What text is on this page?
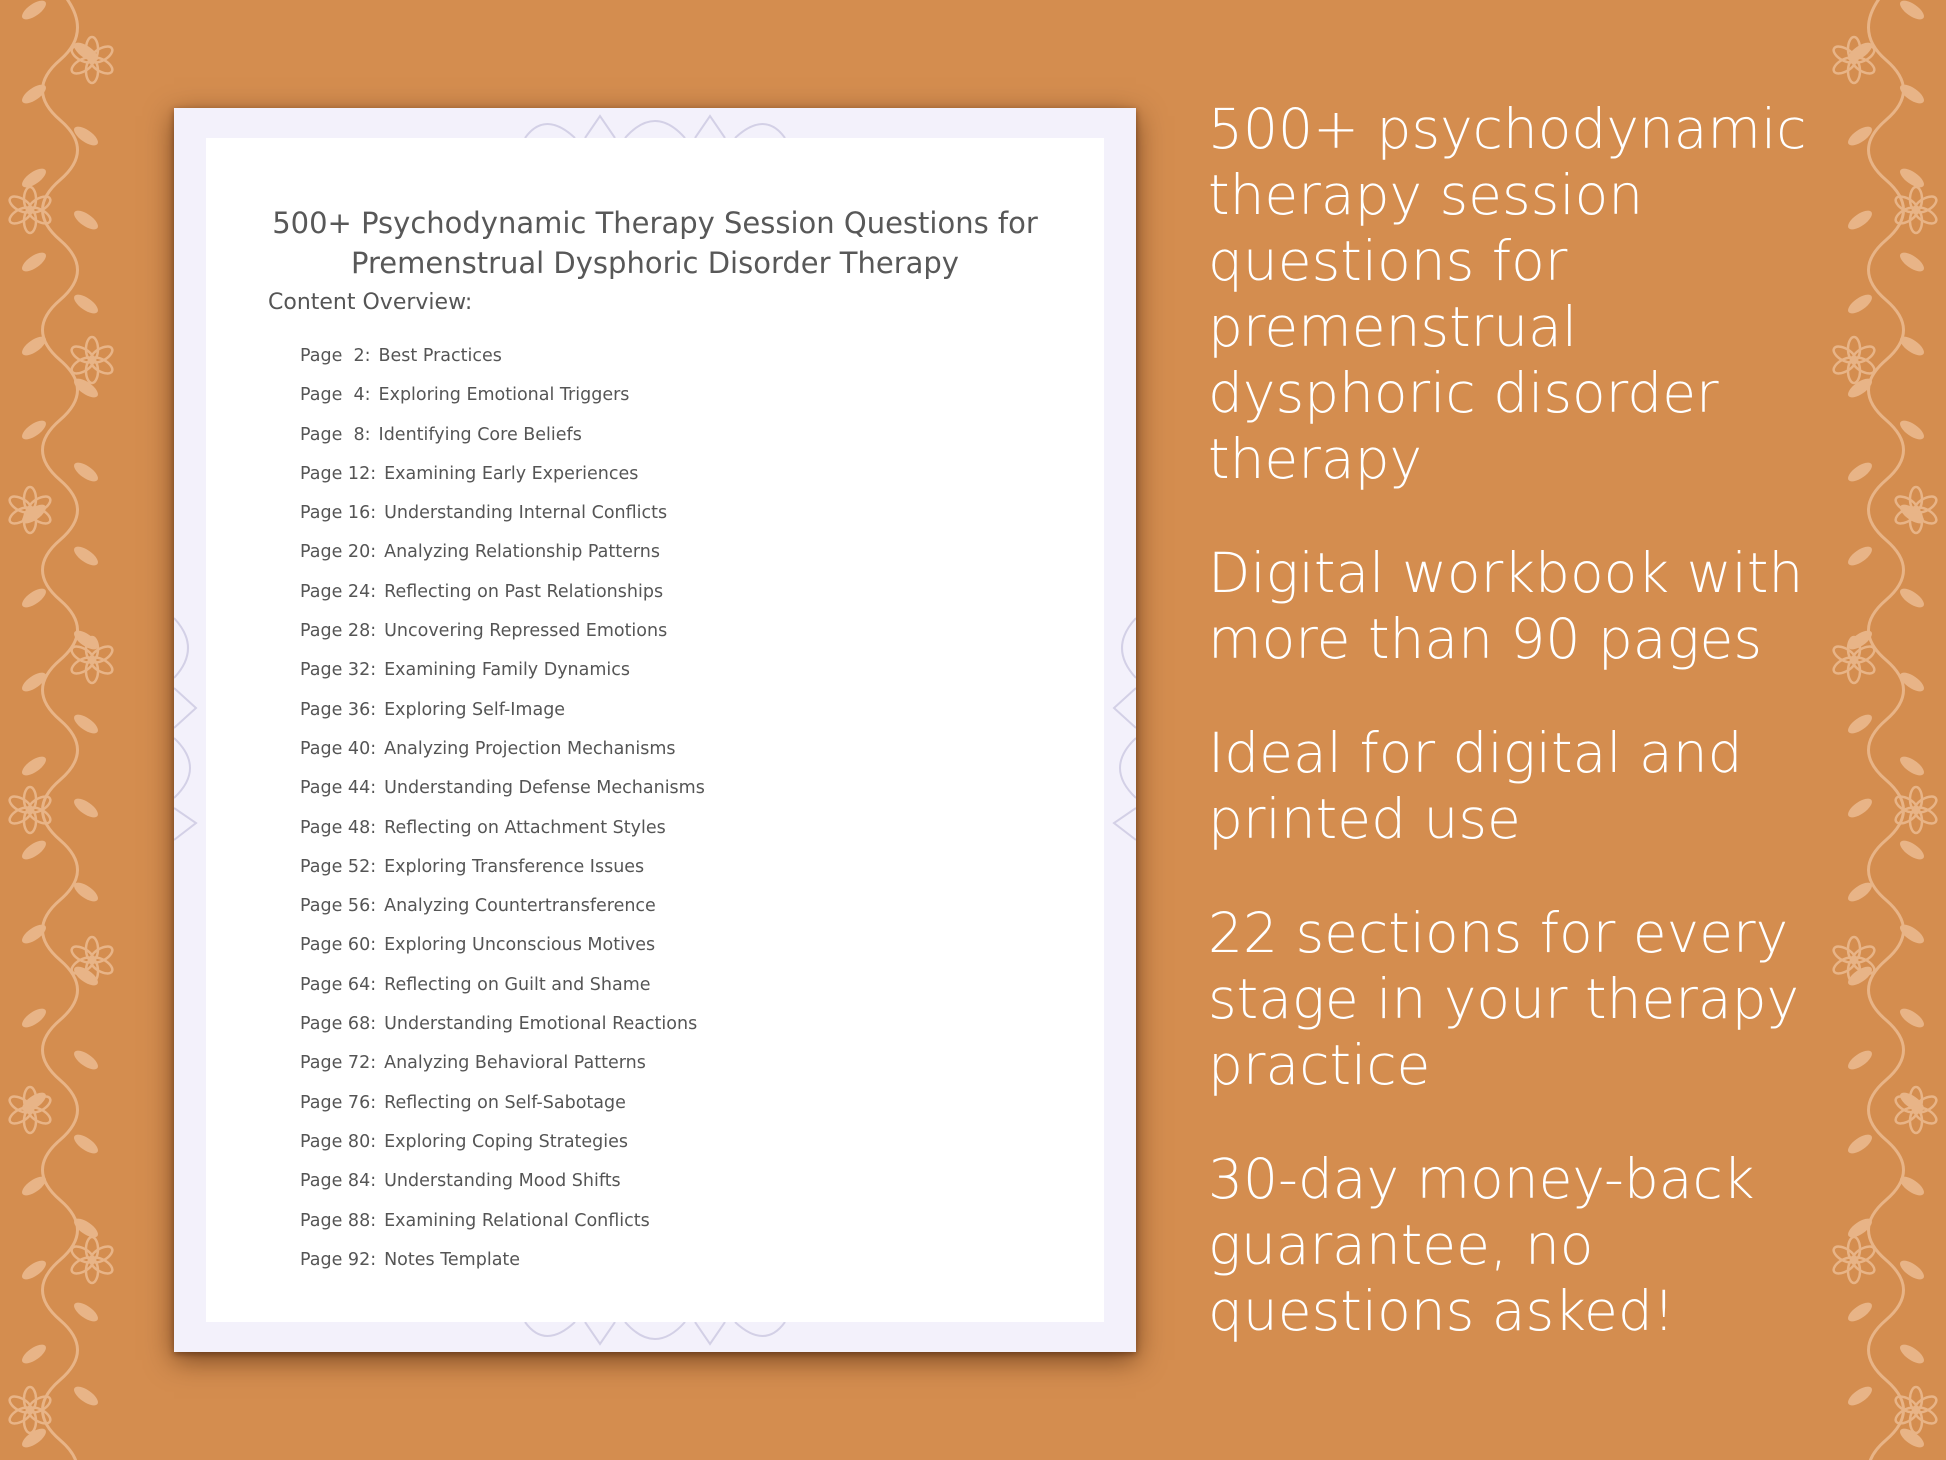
500+ Psychodynamic Therapy Session Questions for
Premenstrual Dysphoric Disorder Therapy
Content Overview:
Page  2: Best Practices
Page  4: Exploring Emotional Triggers
Page  8: Identifying Core Beliefs
Page 12: Examining Early Experiences
Page 16: Understanding Internal Conflicts
Page 20: Analyzing Relationship Patterns
Page 24: Reflecting on Past Relationships
Page 28: Uncovering Repressed Emotions
Page 32: Examining Family Dynamics
Page 36: Exploring Self-Image
Page 40: Analyzing Projection Mechanisms
Page 44: Understanding Defense Mechanisms
Page 48: Reflecting on Attachment Styles
Page 52: Exploring Transference Issues
Page 56: Analyzing Countertransference
Page 60: Exploring Unconscious Motives
Page 64: Reflecting on Guilt and Shame
Page 68: Understanding Emotional Reactions
Page 72: Analyzing Behavioral Patterns
Page 76: Reflecting on Self-Sabotage
Page 80: Exploring Coping Strategies
Page 84: Understanding Mood Shifts
Page 88: Examining Relational Conflicts
Page 92: Notes Template

500+ psychodynamic therapy session questions for premenstrual dysphoric disorder therapy

Digital workbook with more than 90 pages

Ideal for digital and printed use

22 sections for every stage in your therapy practice

30-day money-back guarantee, no questions asked!
